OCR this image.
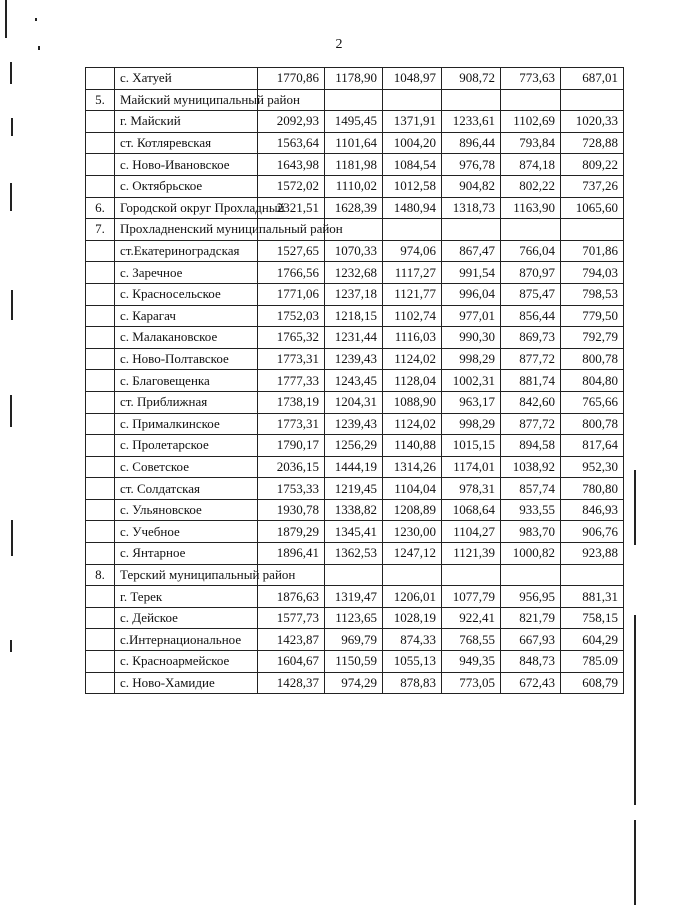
2
	с. Хатуей	1770,86	1178,90	1048,97	908,72	773,63	687,01
5.	Майский муниципальный район						
	г. Майский	2092,93	1495,45	1371,91	1233,61	1102,69	1020,33
	ст. Котляревская	1563,64	1101,64	1004,20	896,44	793,84	728,88
	с. Ново-Ивановское	1643,98	1181,98	1084,54	976,78	874,18	809,22
	с. Октябрьское	1572,02	1110,02	1012,58	904,82	802,22	737,26
6.	Городской округ Прохладный	2321,51	1628,39	1480,94	1318,73	1163,90	1065,60
7.	Прохладненский муниципальный район						
	ст.Екатериноградская	1527,65	1070,33	974,06	867,47	766,04	701,86
	с. Заречное	1766,56	1232,68	1117,27	991,54	870,97	794,03
	с. Красносельское	1771,06	1237,18	1121,77	996,04	875,47	798,53
	с. Карагач	1752,03	1218,15	1102,74	977,01	856,44	779,50
	с. Малакановское	1765,32	1231,44	1116,03	990,30	869,73	792,79
	с. Ново-Полтавское	1773,31	1239,43	1124,02	998,29	877,72	800,78
	с. Благовещенка	1777,33	1243,45	1128,04	1002,31	881,74	804,80
	ст. Приближная	1738,19	1204,31	1088,90	963,17	842,60	765,66
	с. Прималкинское	1773,31	1239,43	1124,02	998,29	877,72	800,78
	с. Пролетарское	1790,17	1256,29	1140,88	1015,15	894,58	817,64
	с. Советское	2036,15	1444,19	1314,26	1174,01	1038,92	952,30
	ст. Солдатская	1753,33	1219,45	1104,04	978,31	857,74	780,80
	с. Ульяновское	1930,78	1338,82	1208,89	1068,64	933,55	846,93
	с. Учебное	1879,29	1345,41	1230,00	1104,27	983,70	906,76
	с. Янтарное	1896,41	1362,53	1247,12	1121,39	1000,82	923,88
8.	Терский муниципальный район						
	г. Терек	1876,63	1319,47	1206,01	1077,79	956,95	881,31
	с. Дейское	1577,73	1123,65	1028,19	922,41	821,79	758,15
	с.Интернациональное	1423,87	969,79	874,33	768,55	667,93	604,29
	с. Красноармейское	1604,67	1150,59	1055,13	949,35	848,73	785.09
	с. Ново-Хамидие	1428,37	974,29	878,83	773,05	672,43	608,79
